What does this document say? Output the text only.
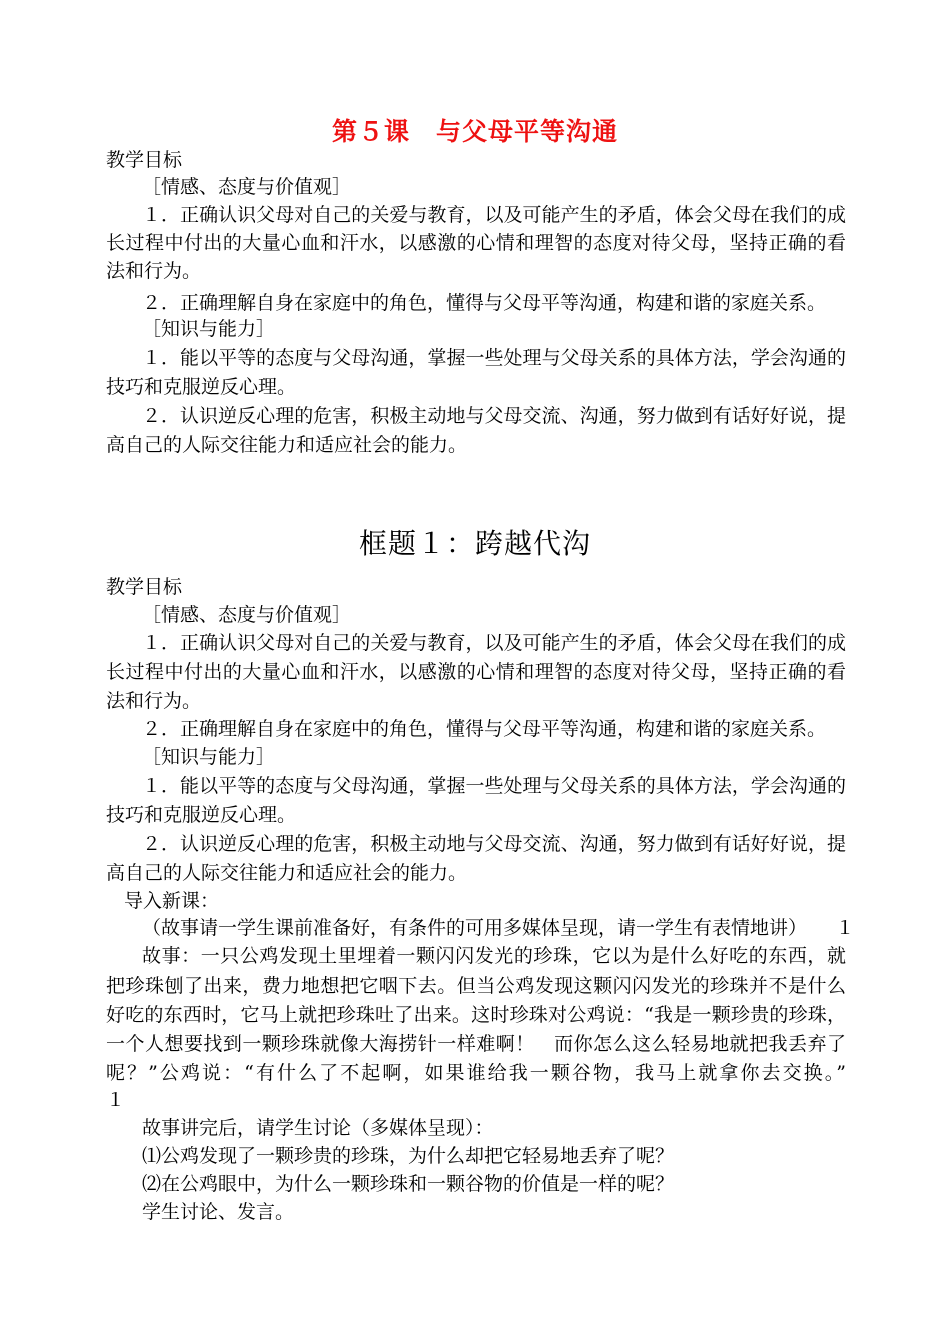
第５课　与父母平等沟通
教学目标
［情感、态度与价值观］
１．正确认识父母对自己的关爱与教育，以及可能产生的矛盾，体会父母在我们的成
长过程中付出的大量心血和汗水，以感激的心情和理智的态度对待父母，坚持正确的看
法和行为。
２．正确理解自身在家庭中的角色，懂得与父母平等沟通，构建和谐的家庭关系。
［知识与能力］
１．能以平等的态度与父母沟通，掌握一些处理与父母关系的具体方法，学会沟通的
技巧和克服逆反心理。
２．认识逆反心理的危害，积极主动地与父母交流、沟通，努力做到有话好好说，提
高自己的人际交往能力和适应社会的能力。
框题１：跨越代沟
教学目标
［情感、态度与价值观］
１．正确认识父母对自己的关爱与教育，以及可能产生的矛盾，体会父母在我们的成
长过程中付出的大量心血和汗水，以感激的心情和理智的态度对待父母，坚持正确的看
法和行为。
２．正确理解自身在家庭中的角色，懂得与父母平等沟通，构建和谐的家庭关系。
［知识与能力］
１．能以平等的态度与父母沟通，掌握一些处理与父母关系的具体方法，学会沟通的
技巧和克服逆反心理。
２．认识逆反心理的危害，积极主动地与父母交流、沟通，努力做到有话好好说，提
高自己的人际交往能力和适应社会的能力。
导入新课：
（故事请一学生课前准备好，有条件的可用多媒体呈现，请一学生有表情地讲）　　１
故事：一只公鸡发现土里埋着一颗闪闪发光的珍珠，它以为是什么好吃的东西，就
把珍珠刨了出来，费力地想把它咽下去。但当公鸡发现这颗闪闪发光的珍珠并不是什么
好吃的东西时，它马上就把珍珠吐了出来。这时珍珠对公鸡说：“我是一颗珍贵的珍珠，
一个人想要找到一颗珍珠就像大海捞针一样难啊！　而你怎么这么轻易地就把我丢弃了
呢？”公鸡说：“有什么了不起啊，如果谁给我一颗谷物，我马上就拿你去交换。”
１
故事讲完后，请学生讨论（多媒体呈现）：
⑴公鸡发现了一颗珍贵的珍珠，为什么却把它轻易地丢弃了呢？
⑵在公鸡眼中，为什么一颗珍珠和一颗谷物的价值是一样的呢？
学生讨论、发言。
